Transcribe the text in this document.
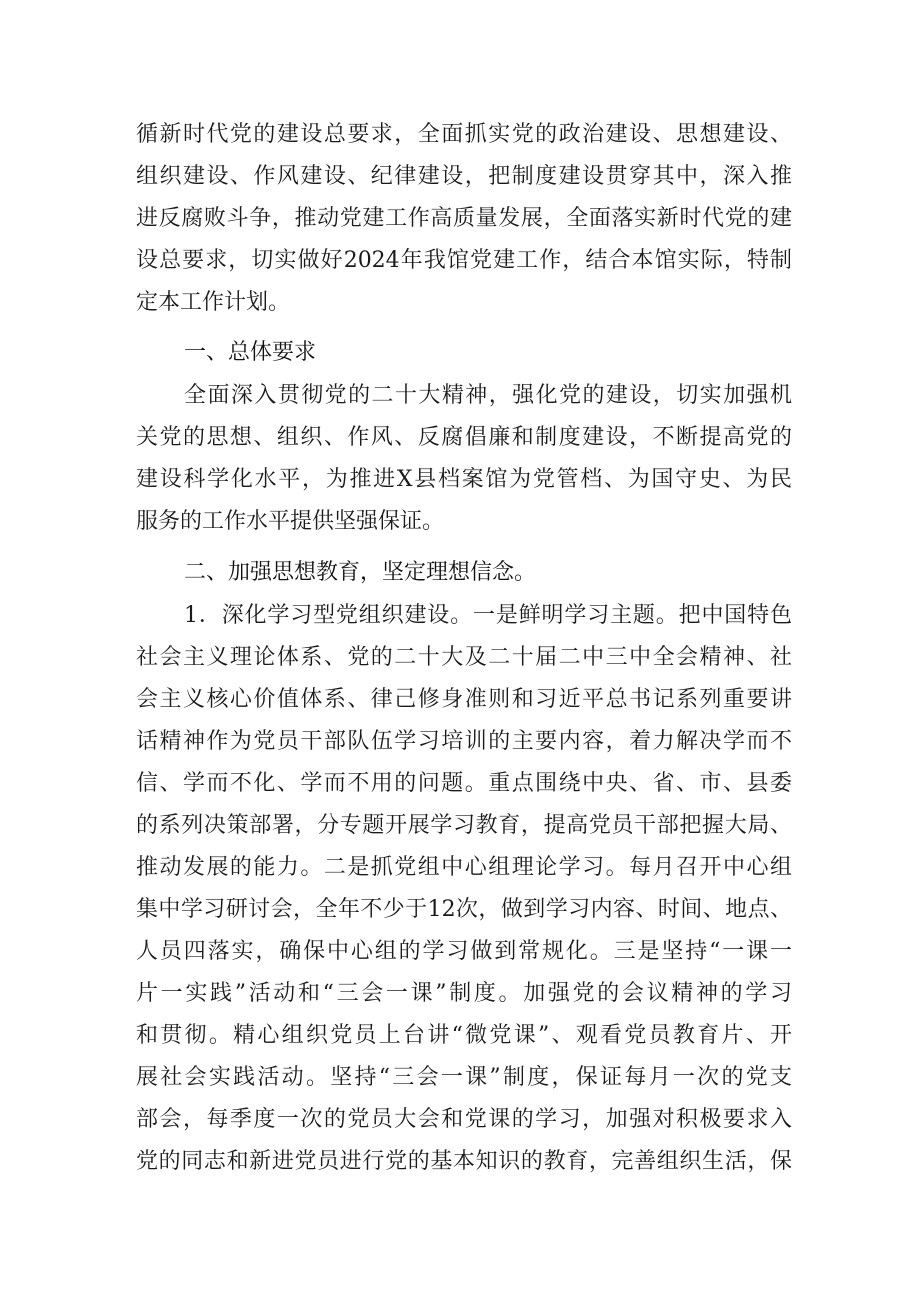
循新时代党的建设总要求，全面抓实党的政治建设、思想建设、
组织建设、作风建设、纪律建设，把制度建设贯穿其中，深入推
进反腐败斗争，推动党建工作高质量发展，全面落实新时代党的建
设总要求，切实做好2024年我馆党建工作，结合本馆实际，特制
定本工作计划。
一、总体要求
全面深入贯彻党的二十大精神，强化党的建设，切实加强机
关党的思想、组织、作风、反腐倡廉和制度建设，不断提高党的
建设科学化水平，为推进X县档案馆为党管档、为国守史、为民
服务的工作水平提供坚强保证。
二、加强思想教育，坚定理想信念。
1．深化学习型党组织建设。一是鲜明学习主题。把中国特色
社会主义理论体系、党的二十大及二十届二中三中全会精神、社
会主义核心价值体系、律己修身准则和习近平总书记系列重要讲
话精神作为党员干部队伍学习培训的主要内容，着力解决学而不
信、学而不化、学而不用的问题。重点围绕中央、省、市、县委
的系列决策部署，分专题开展学习教育，提高党员干部把握大局、
推动发展的能力。二是抓党组中心组理论学习。每月召开中心组
集中学习研讨会，全年不少于12次，做到学习内容、时间、地点、
人员四落实，确保中心组的学习做到常规化。三是坚持“一课一
片一实践”活动和“三会一课”制度。加强党的会议精神的学习
和贯彻。精心组织党员上台讲“微党课”、观看党员教育片、开
展社会实践活动。坚持“三会一课”制度，保证每月一次的党支
部会，每季度一次的党员大会和党课的学习，加强对积极要求入
党的同志和新进党员进行党的基本知识的教育，完善组织生活，保
